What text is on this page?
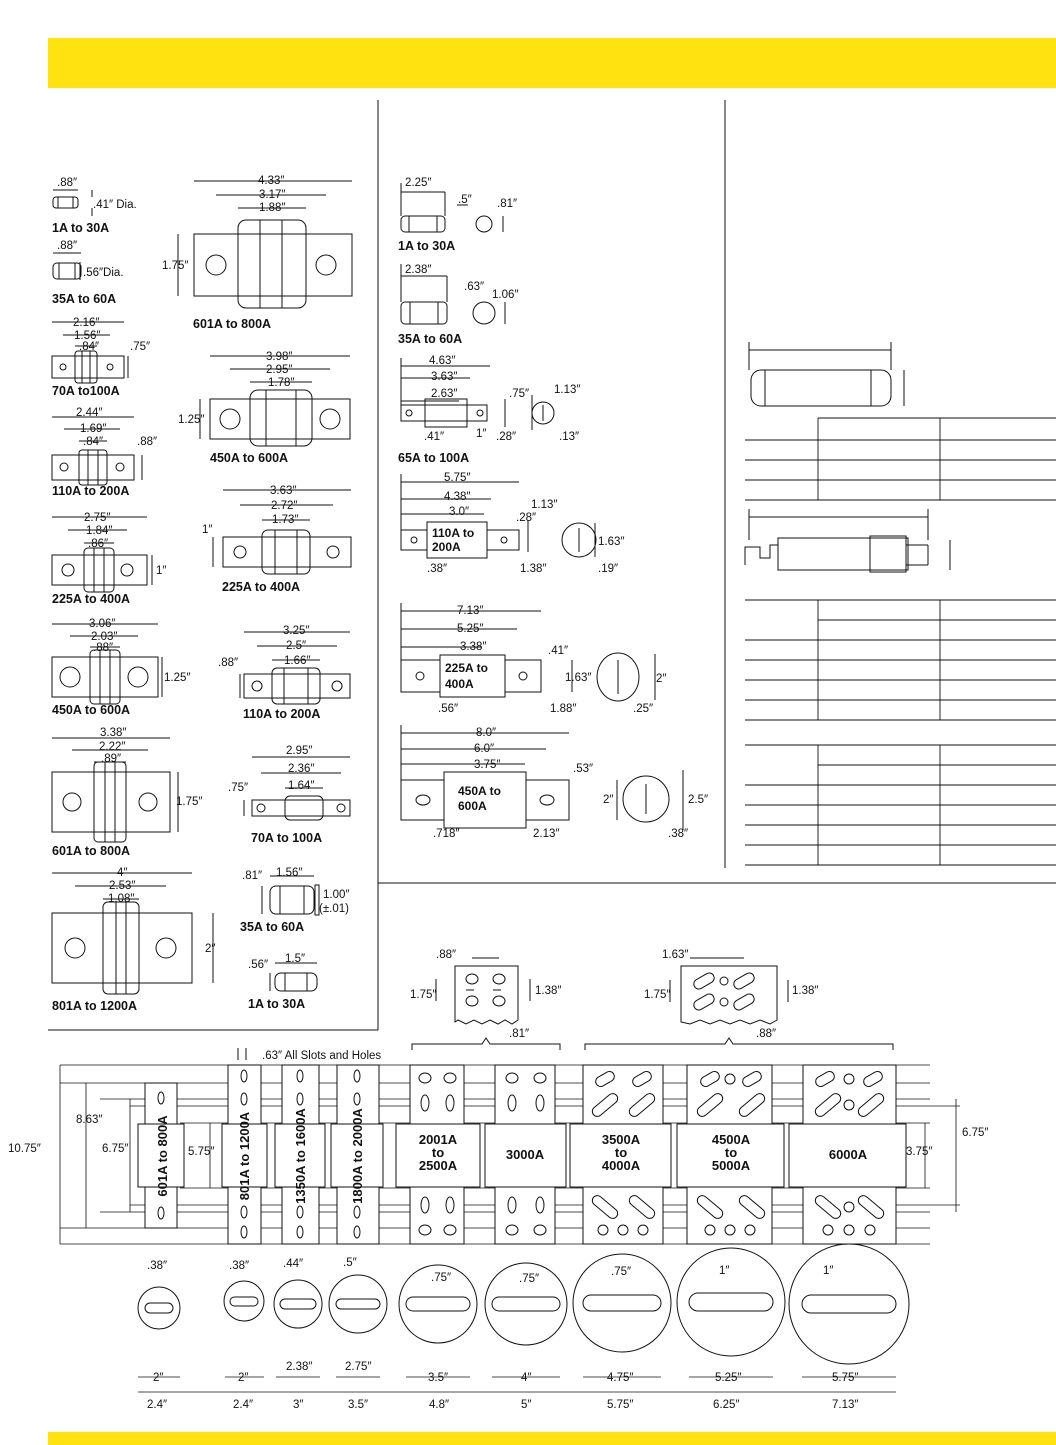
.88″
.41″ Dia.
1A to 30A
.88″
.56″Dia.
35A to 60A
2.16″
1.56″
.84″	.75″
70A to100A
2.44″
1.69″
.84″	.88″
110A to 200A
2.75″
1.84″
.86″
1″
225A to 400A
3.06″
2.03″
.88″
1.25″
450A to 600A
3.38″
2.22″
.89″
1.75″
601A to 800A
4″
2.53″
1.08″
2″
801A to 1200A
4.33″
3.17″
1.88″
1.75″
601A to 800A
3.98″
2.95″
1.78″
1.25″
450A to 600A
3.63″
2.72″
1.73″
1″
225A to 400A
3.25″
2.5″
1.66″
.88″
110A to 200A
2.95″
2.36″
1.64″
.75″
70A to 100A
.81″ 1.56″
1.00″
(±.01)
35A to 60A
.56″ 1.5″
1A to 30A
2.25″
.5″ .81″
1A to 30A
2.38″
.63″
1.06″
35A to 60A
4.63″
3.63″
2.63″	.75″ 1.13″
.41″	1″ .28″	.13″
65A to 100A
5.75″
4.38″
3.0″
1.13″
.28″
1.63″
.38″	1.38″	.19″
110A to
200A
7.13″
5.25″
3.38″	.41″
1.63″	2″
.56″	1.88″	.25″
225A to
400A
8.0″
6.0″
3.75″	.53″
2″	2.5″
.718″	2.13″	.38″
450A to
600A
.88″
1.75″	1.38″
.81″
1.63″
1.75″	1.38″
.88″
.63″ All Slots and Holes
10.75″
8.63″
6.75″	5.75″	3.75″
6.75″
601A to 800A	801A to 1200A	1350A to 1600A	1800A to 2000A	2001A
to
2500A
3000A
3500A
to
4000A
4500A
to
5000A
6000A
.38″
2″
2.4″
.38″
2″
2.4″
.44″
2.38″
3″
.5″
2.75″
3.5″
.75″
3.5″
4.8″
.75″
4″
5″
.75″
4.75″
5.75″
1″
5.25″
6.25″
1″
5.75″
7.13″
